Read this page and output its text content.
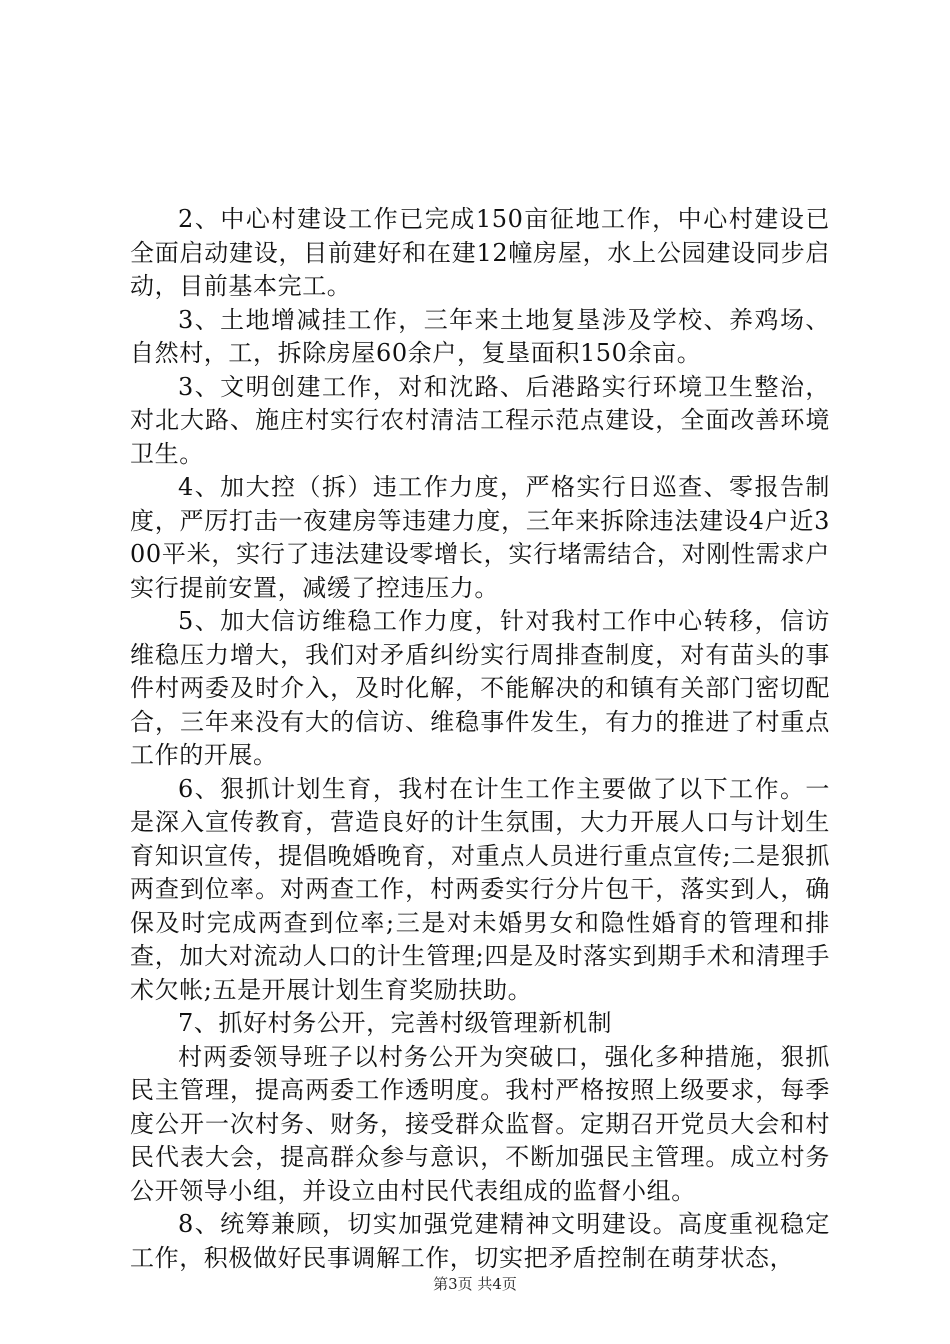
2、中心村建设工作已完成150亩征地工作，中心村建设已全面启动建设，目前建好和在建12幢房屋，水上公园建设同步启动，目前基本完工。

3、土地增减挂工作，三年来土地复垦涉及学校、养鸡场、自然村，工，拆除房屋60余户，复垦面积150余亩。

3、文明创建工作，对和沈路、后港路实行环境卫生整治，对北大路、施庄村实行农村清洁工程示范点建设，全面改善环境卫生。

4、加大控（拆）违工作力度，严格实行日巡查、零报告制度，严厉打击一夜建房等违建力度，三年来拆除违法建设4户近300平米，实行了违法建设零增长，实行堵需结合，对刚性需求户实行提前安置，减缓了控违压力。

5、加大信访维稳工作力度，针对我村工作中心转移，信访维稳压力增大，我们对矛盾纠纷实行周排查制度，对有苗头的事件村两委及时介入，及时化解，不能解决的和镇有关部门密切配合，三年来没有大的信访、维稳事件发生，有力的推进了村重点工作的开展。

6、狠抓计划生育，我村在计生工作主要做了以下工作。一是深入宣传教育，营造良好的计生氛围，大力开展人口与计划生育知识宣传，提倡晚婚晚育，对重点人员进行重点宣传;二是狠抓两查到位率。对两查工作，村两委实行分片包干，落实到人，确保及时完成两查到位率;三是对未婚男女和隐性婚育的管理和排查，加大对流动人口的计生管理;四是及时落实到期手术和清理手术欠帐;五是开展计划生育奖励扶助。

7、抓好村务公开，完善村级管理新机制

村两委领导班子以村务公开为突破口，强化多种措施，狠抓民主管理，提高两委工作透明度。我村严格按照上级要求，每季度公开一次村务、财务，接受群众监督。定期召开党员大会和村民代表大会，提高群众参与意识，不断加强民主管理。成立村务公开领导小组，并设立由村民代表组成的监督小组。

8、统筹兼顾，切实加强党建精神文明建设。高度重视稳定工作，积极做好民事调解工作，切实把矛盾控制在萌芽状态，

第3页 共4页
